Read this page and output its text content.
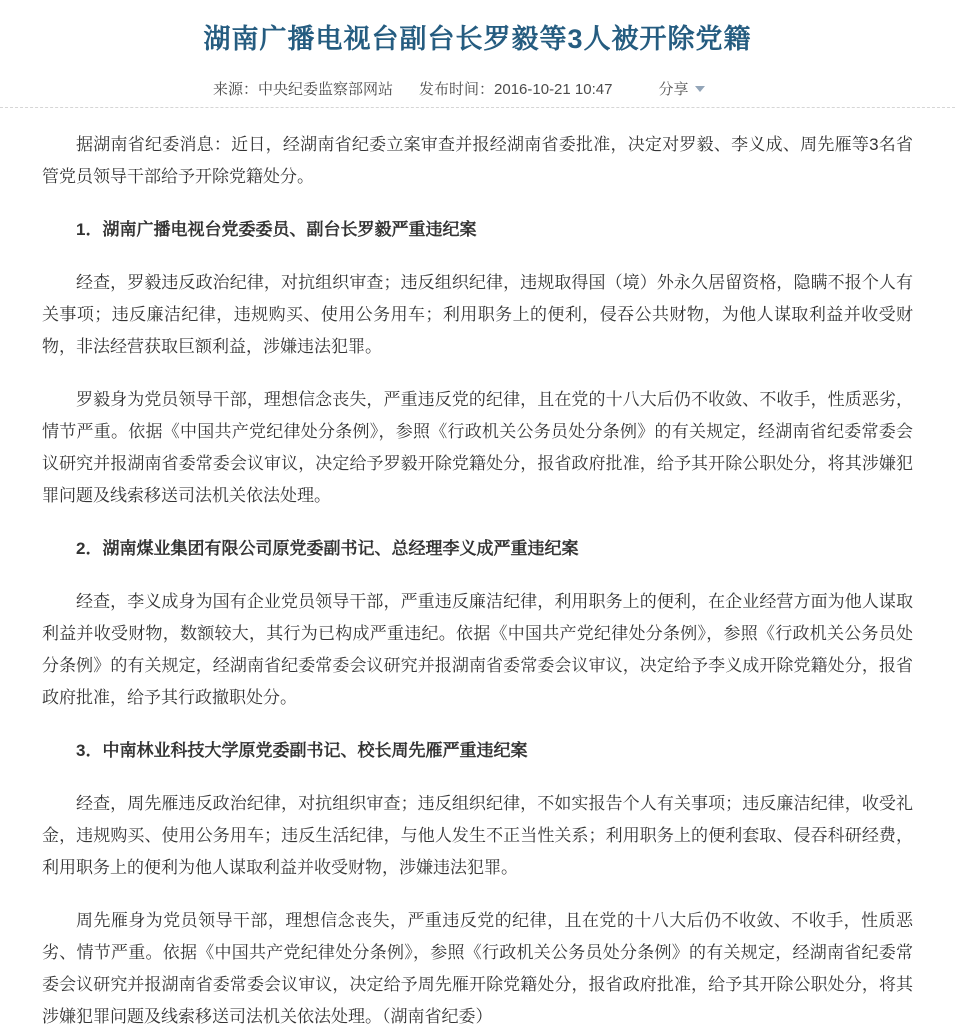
湖南广播电视台副台长罗毅等3人被开除党籍
来源：中央纪委监察部网站 发布时间：2016-10-21 10:47	分享

据湖南省纪委消息：近日，经湖南省纪委立案审查并报经湖南省委批准，决定对罗毅、李义成、周先雁等3名省管党员领导干部给予开除党籍处分。

1．湖南广播电视台党委委员、副台长罗毅严重违纪案

经查，罗毅违反政治纪律，对抗组织审查；违反组织纪律，违规取得国（境）外永久居留资格，隐瞒不报个人有关事项；违反廉洁纪律，违规购买、使用公务用车；利用职务上的便利，侵吞公共财物，为他人谋取利益并收受财物，非法经营获取巨额利益，涉嫌违法犯罪。

罗毅身为党员领导干部，理想信念丧失，严重违反党的纪律，且在党的十八大后仍不收敛、不收手，性质恶劣，情节严重。依据《中国共产党纪律处分条例》，参照《行政机关公务员处分条例》的有关规定，经湖南省纪委常委会议研究并报湖南省委常委会议审议，决定给予罗毅开除党籍处分，报省政府批准，给予其开除公职处分，将其涉嫌犯罪问题及线索移送司法机关依法处理。

2．湖南煤业集团有限公司原党委副书记、总经理李义成严重违纪案

经查，李义成身为国有企业党员领导干部，严重违反廉洁纪律，利用职务上的便利，在企业经营方面为他人谋取利益并收受财物，数额较大，其行为已构成严重违纪。依据《中国共产党纪律处分条例》，参照《行政机关公务员处分条例》的有关规定，经湖南省纪委常委会议研究并报湖南省委常委会议审议，决定给予李义成开除党籍处分，报省政府批准，给予其行政撤职处分。

3．中南林业科技大学原党委副书记、校长周先雁严重违纪案

经查，周先雁违反政治纪律，对抗组织审查；违反组织纪律，不如实报告个人有关事项；违反廉洁纪律，收受礼金，违规购买、使用公务用车；违反生活纪律，与他人发生不正当性关系；利用职务上的便利套取、侵吞科研经费，利用职务上的便利为他人谋取利益并收受财物，涉嫌违法犯罪。

周先雁身为党员领导干部，理想信念丧失，严重违反党的纪律，且在党的十八大后仍不收敛、不收手，性质恶劣、情节严重。依据《中国共产党纪律处分条例》，参照《行政机关公务员处分条例》的有关规定，经湖南省纪委常委会议研究并报湖南省委常委会议审议，决定给予周先雁开除党籍处分，报省政府批准，给予其开除公职处分，将其涉嫌犯罪问题及线索移送司法机关依法处理。（湖南省纪委）
